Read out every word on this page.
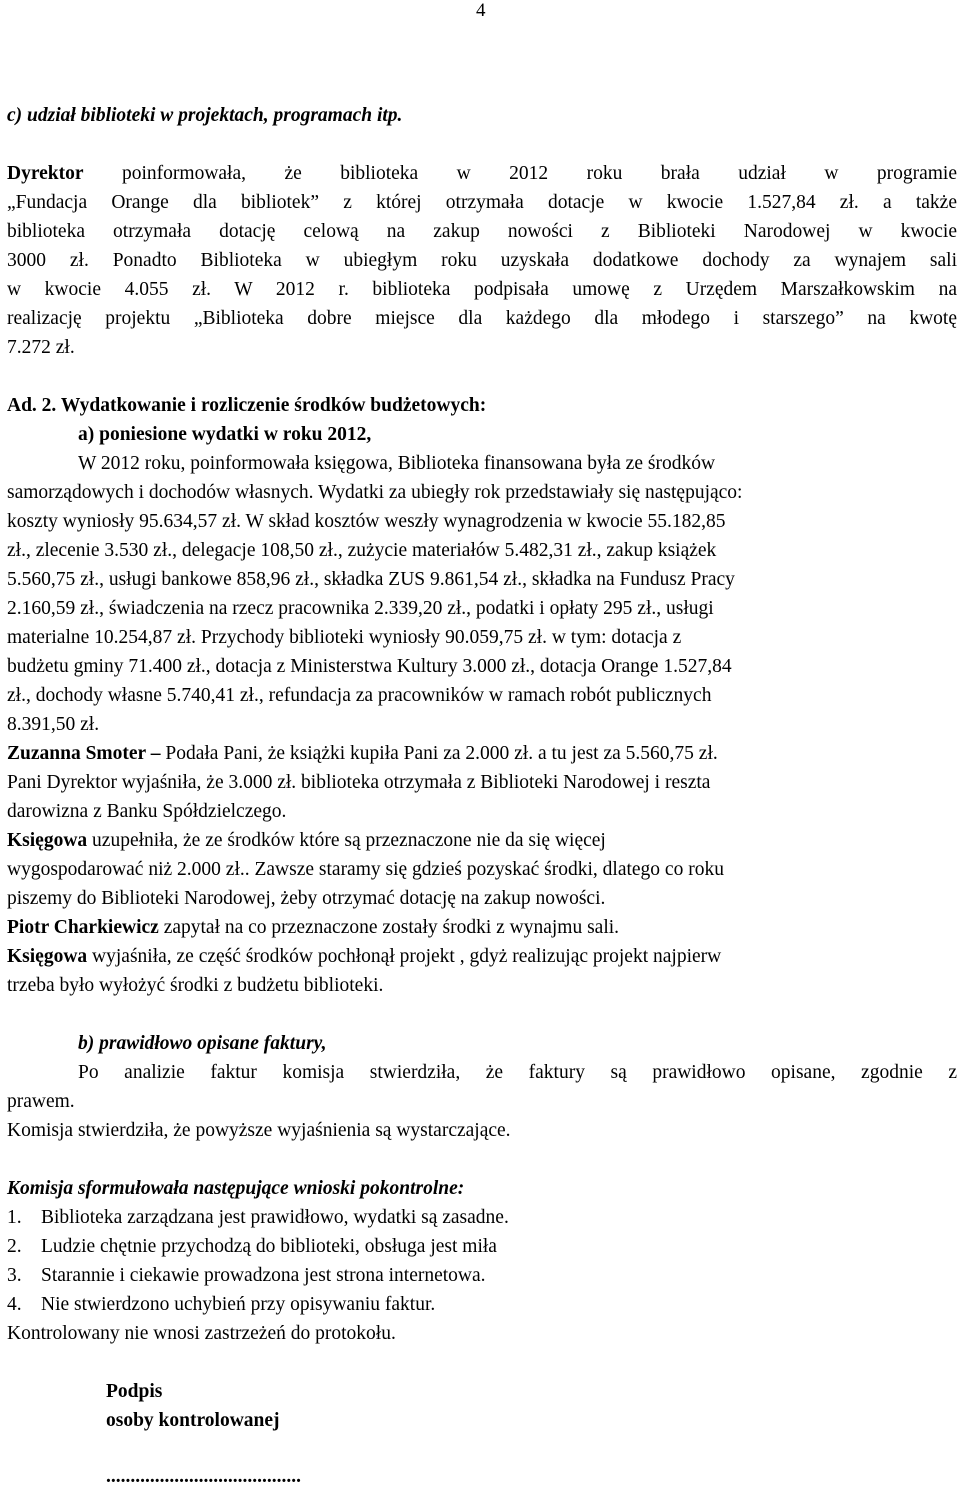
4
c) udział biblioteki w projektach, programach itp.
Dyrektor poinformowała, że biblioteka w 2012 roku brała udział w programie
„Fundacja Orange dla bibliotek” z której otrzymała dotacje w kwocie 1.527,84 zł. a także
biblioteka otrzymała dotację celową na zakup nowości z Biblioteki Narodowej w kwocie
3000 zł. Ponadto Biblioteka w ubiegłym roku uzyskała dodatkowe dochody za wynajem sali
w kwocie 4.055 zł. W 2012 r. biblioteka podpisała umowę z Urzędem Marszałkowskim na
realizację projektu „Biblioteka dobre miejsce dla każdego dla młodego i starszego” na kwotę
7.272 zł.
Ad. 2. Wydatkowanie i rozliczenie środków budżetowych:
a) poniesione wydatki w roku 2012,
W 2012 roku, poinformowała księgowa, Biblioteka finansowana była ze środków
samorządowych i dochodów własnych. Wydatki za ubiegły rok przedstawiały się następująco:
koszty wyniosły 95.634,57 zł. W skład kosztów weszły wynagrodzenia w kwocie 55.182,85
zł., zlecenie 3.530 zł., delegacje 108,50 zł., zużycie materiałów 5.482,31 zł., zakup książek
5.560,75 zł., usługi bankowe 858,96 zł., składka ZUS 9.861,54 zł., składka na Fundusz Pracy
2.160,59 zł., świadczenia na rzecz pracownika 2.339,20 zł., podatki i opłaty 295 zł., usługi
materialne 10.254,87 zł. Przychody biblioteki wyniosły 90.059,75 zł. w tym: dotacja z
budżetu gminy 71.400 zł., dotacja z Ministerstwa Kultury 3.000 zł., dotacja Orange 1.527,84
zł., dochody własne 5.740,41 zł., refundacja za pracowników w ramach robót publicznych
8.391,50 zł.
Zuzanna Smoter – Podała Pani, że książki kupiła Pani za 2.000 zł. a tu jest za 5.560,75 zł.
Pani Dyrektor wyjaśniła, że 3.000 zł. biblioteka otrzymała z Biblioteki Narodowej i reszta
darowizna z Banku Spółdzielczego.
Księgowa uzupełniła, że ze środków które są przeznaczone nie da się więcej
wygospodarować niż 2.000 zł.. Zawsze staramy się gdzieś pozyskać środki, dlatego co roku
piszemy do Biblioteki Narodowej, żeby otrzymać dotację na zakup nowości.
Piotr Charkiewicz zapytał na co przeznaczone zostały środki z wynajmu sali.
Księgowa wyjaśniła, ze część środków pochłonął projekt , gdyż realizując projekt najpierw
trzeba było wyłożyć środki z budżetu biblioteki.
b) prawidłowo opisane faktury,
Po analizie faktur komisja stwierdziła, że faktury są prawidłowo opisane, zgodnie z
prawem.
Komisja stwierdziła, że powyższe wyjaśnienia są wystarczające.
Komisja sformułowała następujące wnioski pokontrolne:
1. Biblioteka zarządzana jest prawidłowo, wydatki są zasadne.
2. Ludzie chętnie przychodzą do biblioteki, obsługa jest miła
3. Starannie i ciekawie prowadzona jest strona internetowa.
4. Nie stwierdzono uchybień przy opisywaniu faktur.
Kontrolowany nie wnosi zastrzeżeń do protokołu.
Podpis
osoby kontrolowanej
........................................
